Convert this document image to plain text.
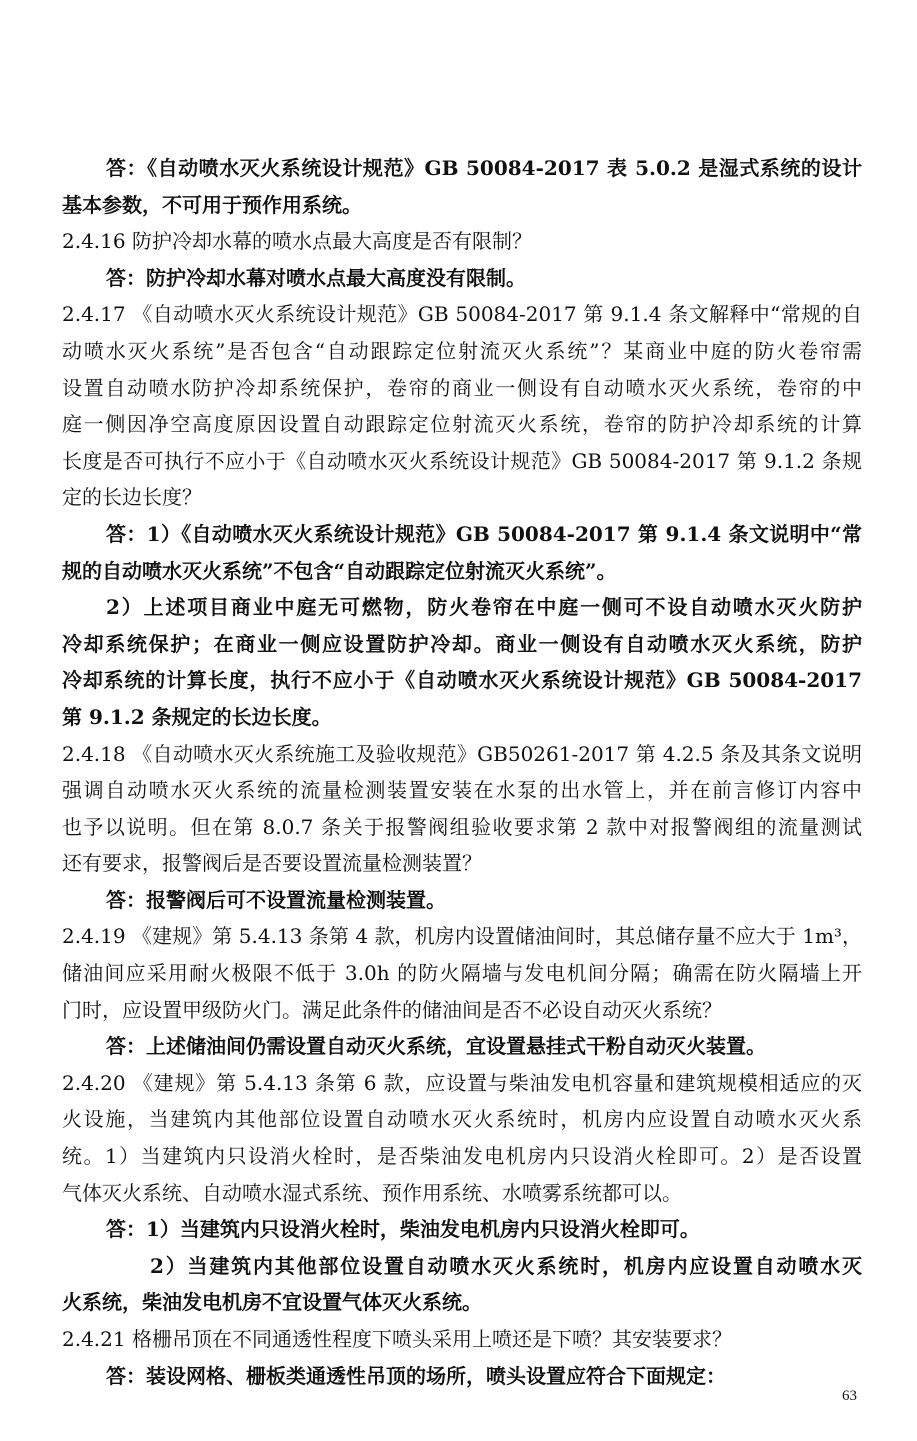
答：《自动喷水灭火系统设计规范》GB 50084-2017 表 5.0.2 是湿式系统的设计
基本参数，不可用于预作用系统。
2.4.16 防护冷却水幕的喷水点最大高度是否有限制？
答：防护冷却水幕对喷水点最大高度没有限制。
2.4.17 《自动喷水灭火系统设计规范》GB 50084-2017 第 9.1.4 条文解释中“常规的自
动喷水灭火系统”是否包含“自动跟踪定位射流灭火系统”？某商业中庭的防火卷帘需
设置自动喷水防护冷却系统保护，卷帘的商业一侧设有自动喷水灭火系统，卷帘的中
庭一侧因净空高度原因设置自动跟踪定位射流灭火系统，卷帘的防护冷却系统的计算
长度是否可执行不应小于《自动喷水灭火系统设计规范》GB 50084-2017 第 9.1.2 条规
定的长边长度？
答：1）《自动喷水灭火系统设计规范》GB 50084-2017 第 9.1.4 条文说明中“常
规的自动喷水灭火系统”不包含“自动跟踪定位射流灭火系统”。
2）上述项目商业中庭无可燃物，防火卷帘在中庭一侧可不设自动喷水灭火防护
冷却系统保护；在商业一侧应设置防护冷却。商业一侧设有自动喷水灭火系统，防护
冷却系统的计算长度，执行不应小于《自动喷水灭火系统设计规范》GB 50084-2017
第 9.1.2 条规定的长边长度。
2.4.18 《自动喷水灭火系统施工及验收规范》GB50261-2017 第 4.2.5 条及其条文说明
强调自动喷水灭火系统的流量检测装置安装在水泵的出水管上，并在前言修订内容中
也予以说明。但在第 8.0.7 条关于报警阀组验收要求第 2 款中对报警阀组的流量测试
还有要求，报警阀后是否要设置流量检测装置？
答：报警阀后可不设置流量检测装置。
2.4.19 《建规》第 5.4.13 条第 4 款，机房内设置储油间时，其总储存量不应大于 1m³，
储油间应采用耐火极限不低于 3.0h 的防火隔墙与发电机间分隔；确需在防火隔墙上开
门时，应设置甲级防火门。满足此条件的储油间是否不必设自动灭火系统？
答：上述储油间仍需设置自动灭火系统，宜设置悬挂式干粉自动灭火装置。
2.4.20 《建规》第 5.4.13 条第 6 款，应设置与柴油发电机容量和建筑规模相适应的灭
火设施，当建筑内其他部位设置自动喷水灭火系统时，机房内应设置自动喷水灭火系
统。1）当建筑内只设消火栓时，是否柴油发电机房内只设消火栓即可。2）是否设置
气体灭火系统、自动喷水湿式系统、预作用系统、水喷雾系统都可以。
答：1）当建筑内只设消火栓时，柴油发电机房内只设消火栓即可。
2）当建筑内其他部位设置自动喷水灭火系统时，机房内应设置自动喷水灭
火系统，柴油发电机房不宜设置气体灭火系统。
2.4.21 格栅吊顶在不同通透性程度下喷头采用上喷还是下喷？其安装要求？
答：装设网格、栅板类通透性吊顶的场所，喷头设置应符合下面规定：
63
